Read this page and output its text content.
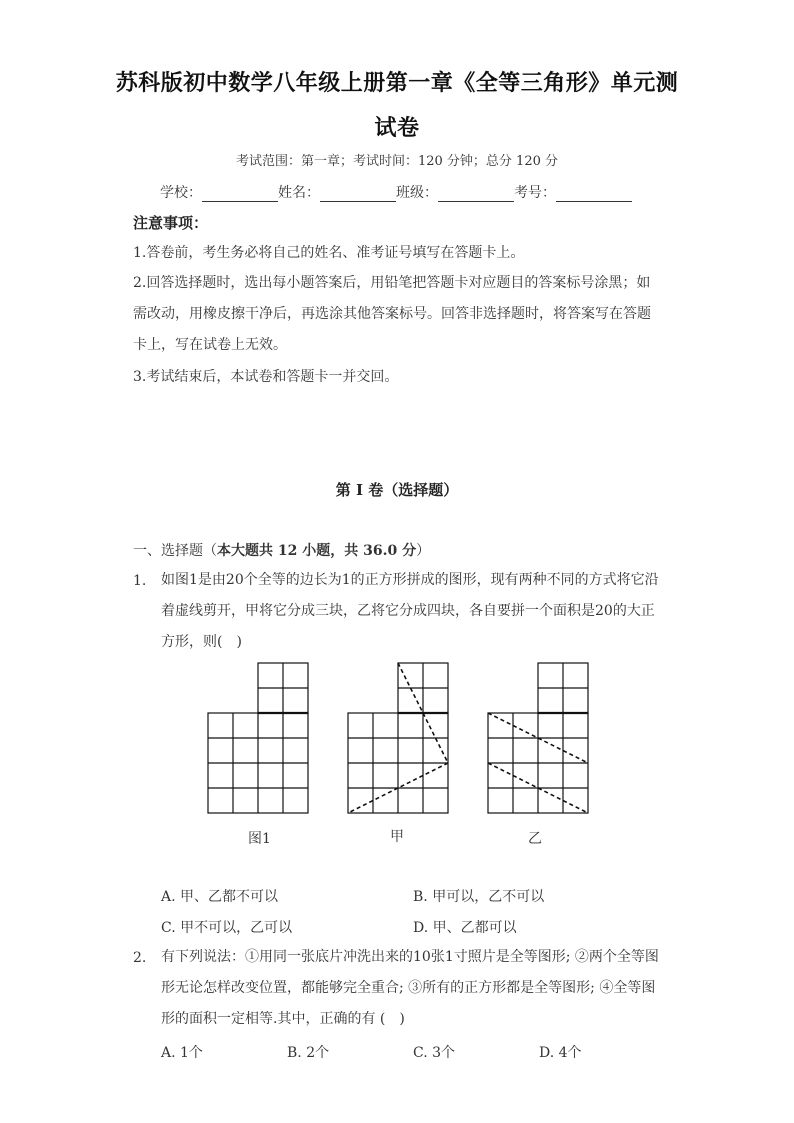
苏科版初中数学八年级上册第一章《全等三角形》单元测
试卷
考试范围：第一章；考试时间：120 分钟；总分 120 分
学校：	姓名：	班级：	考号：
注意事项：
1.答卷前，考生务必将自己的姓名、准考证号填写在答题卡上。
2.回答选择题时，选出每小题答案后，用铅笔把答题卡对应题目的答案标号涂黑；如需改动，用橡皮擦干净后，再选涂其他答案标号。回答非选择题时，将答案写在答题卡上，写在试卷上无效。
3.考试结束后，本试卷和答题卡一并交回。
第 I 卷（选择题）
一、选择题（本大题共 12 小题，共 36.0 分）
1. 如图1是由20个全等的边长为1的正方形拼成的图形，现有两种不同的方式将它沿着虚线剪开，甲将它分成三块，乙将它分成四块，各自要拼一个面积是20的大正方形，则(　)
图1	甲	乙
A. 甲、乙都不可以	B. 甲可以，乙不可以
C. 甲不可以，乙可以	D. 甲、乙都可以
2. 有下列说法：①用同一张底片冲洗出来的10张1寸照片是全等图形; ②两个全等图形无论怎样改变位置，都能够完全重合; ③所有的正方形都是全等图形; ④全等图形的面积一定相等.其中，正确的有 (　)
A. 1个	B. 2个	C. 3个	D. 4个
